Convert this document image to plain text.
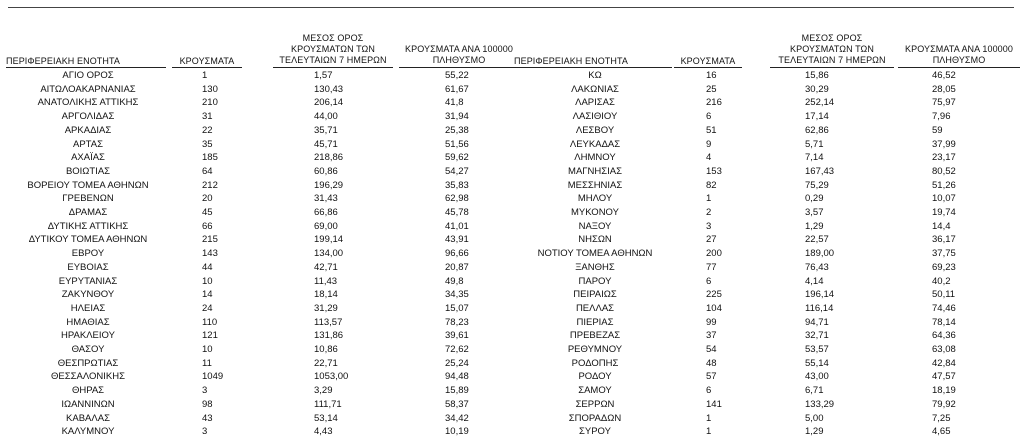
ΠΕΡΙΦΕΡΕΙΑΚΗ ΕΝΟΤΗΤΑ	ΚΡΟΥΣΜΑΤΑ
ΜΕΣΟΣ ΟΡΟΣ
ΚΡΟΥΣΜΑΤΩΝ ΤΩΝ
ΤΕΛΕΥΤΑΙΩΝ 7 ΗΜΕΡΩΝ
ΚΡΟΥΣΜΑΤΑ ΑΝΑ 100000
ΠΛΗΘΥΣΜΟ
ΑΓΙΟ ΟΡΟΣ	1	1,57	55,22
ΑΙΤΩΛΟΑΚΑΡΝΑΝΙΑΣ	130	130,43	61,67
ΑΝΑΤΟΛΙΚΗΣ ΑΤΤΙΚΗΣ	210	206,14	41,8
ΑΡΓΟΛΙΔΑΣ	31	44,00	31,94
ΑΡΚΑΔΙΑΣ	22	35,71	25,38
ΑΡΤΑΣ	35	45,71	51,56
ΑΧΑΪΑΣ	185	218,86	59,62
ΒΟΙΩΤΙΑΣ	64	60,86	54,27
ΒΟΡΕΙΟΥ ΤΟΜΕΑ ΑΘΗΝΩΝ	212	196,29	35,83
ΓΡΕΒΕΝΩΝ	20	31,43	62,98
ΔΡΑΜΑΣ	45	66,86	45,78
ΔΥΤΙΚΗΣ ΑΤΤΙΚΗΣ	66	69,00	41,01
ΔΥΤΙΚΟΥ ΤΟΜΕΑ ΑΘΗΝΩΝ	215	199,14	43,91
ΕΒΡΟΥ	143	134,00	96,66
ΕΥΒΟΙΑΣ	44	42,71	20,87
ΕΥΡΥΤΑΝΙΑΣ	10	11,43	49,8
ΖΑΚΥΝΘΟΥ	14	18,14	34,35
ΗΛΕΙΑΣ	24	31,29	15,07
ΗΜΑΘΙΑΣ	110	113,57	78,23
ΗΡΑΚΛΕΙΟΥ	121	131,86	39,61
ΘΑΣΟΥ	10	10,86	72,62
ΘΕΣΠΡΩΤΙΑΣ	11	22,71	25,24
ΘΕΣΣΑΛΟΝΙΚΗΣ	1049	1053,00	94,48
ΘΗΡΑΣ	3	3,29	15,89
ΙΩΑΝΝΙΝΩΝ	98	111,71	58,37
ΚΑΒΑΛΑΣ	43	53,14	34,42
ΚΑΛΥΜΝΟΥ	3	4,43	10,19
ΠΕΡΙΦΕΡΕΙΑΚΗ ΕΝΟΤΗΤΑ	ΚΡΟΥΣΜΑΤΑ
ΜΕΣΟΣ ΟΡΟΣ
ΚΡΟΥΣΜΑΤΩΝ ΤΩΝ
ΤΕΛΕΥΤΑΙΩΝ 7 ΗΜΕΡΩΝ
ΚΡΟΥΣΜΑΤΑ ΑΝΑ 100000
ΠΛΗΘΥΣΜΟ
ΚΩ	16	15,86	46,52
ΛΑΚΩΝΙΑΣ	25	30,29	28,05
ΛΑΡΙΣΑΣ	216	252,14	75,97
ΛΑΣΙΘΙΟΥ	6	17,14	7,96
ΛΕΣΒΟΥ	51	62,86	59
ΛΕΥΚΑΔΑΣ	9	5,71	37,99
ΛΗΜΝΟΥ	4	7,14	23,17
ΜΑΓΝΗΣΙΑΣ	153	167,43	80,52
ΜΕΣΣΗΝΙΑΣ	82	75,29	51,26
ΜΗΛΟΥ	1	0,29	10,07
ΜΥΚΟΝΟΥ	2	3,57	19,74
ΝΑΞΟΥ	3	1,29	14,4
ΝΗΣΩΝ	27	22,57	36,17
ΝΟΤΙΟΥ ΤΟΜΕΑ ΑΘΗΝΩΝ	200	189,00	37,75
ΞΑΝΘΗΣ	77	76,43	69,23
ΠΑΡΟΥ	6	4,14	40,2
ΠΕΙΡΑΙΩΣ	225	196,14	50,11
ΠΕΛΛΑΣ	104	116,14	74,46
ΠΙΕΡΙΑΣ	99	94,71	78,14
ΠΡΕΒΕΖΑΣ	37	32,71	64,36
ΡΕΘΥΜΝΟΥ	54	53,57	63,08
ΡΟΔΟΠΗΣ	48	55,14	42,84
ΡΟΔΟΥ	57	43,00	47,57
ΣΑΜΟΥ	6	6,71	18,19
ΣΕΡΡΩΝ	141	133,29	79,92
ΣΠΟΡΑΔΩΝ	1	5,00	7,25
ΣΥΡΟΥ	1	1,29	4,65
